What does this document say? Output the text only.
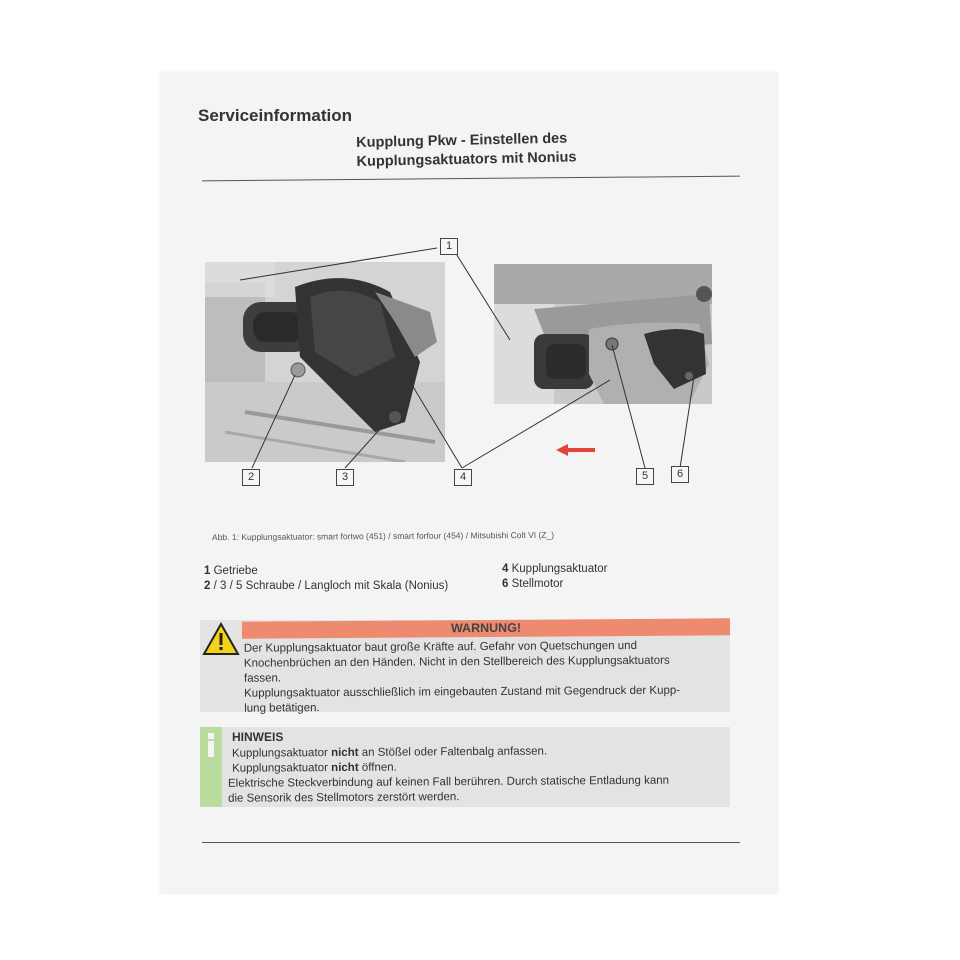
Serviceinformation
Kupplung Pkw - Einstellen des
Kupplungsaktuators mit Nonius
1
2	3	4	5	6
Abb. 1: Kupplungsaktuator: smart fortwo (451) / smart forfour (454) / Mitsubishi Colt VI (Z_)
1 Getriebe
2 / 3 / 5 Schraube / Langloch mit Skala (Nonius)
4 Kupplungsaktuator
6 Stellmotor
WARNUNG!
Der Kupplungsaktuator baut große Kräfte auf. Gefahr von Quetschungen und
Knochenbrüchen an den Händen. Nicht in den Stellbereich des Kupplungsaktuators
fassen.
Kupplungsaktuator ausschließlich im eingebauten Zustand mit Gegendruck der Kupp-
lung betätigen.
HINWEIS
Kupplungsaktuator nicht an Stößel oder Faltenbalg anfassen.
Kupplungsaktuator nicht öffnen.
Elektrische Steckverbindung auf keinen Fall berühren. Durch statische Entladung kann
die Sensorik des Stellmotors zerstört werden.
